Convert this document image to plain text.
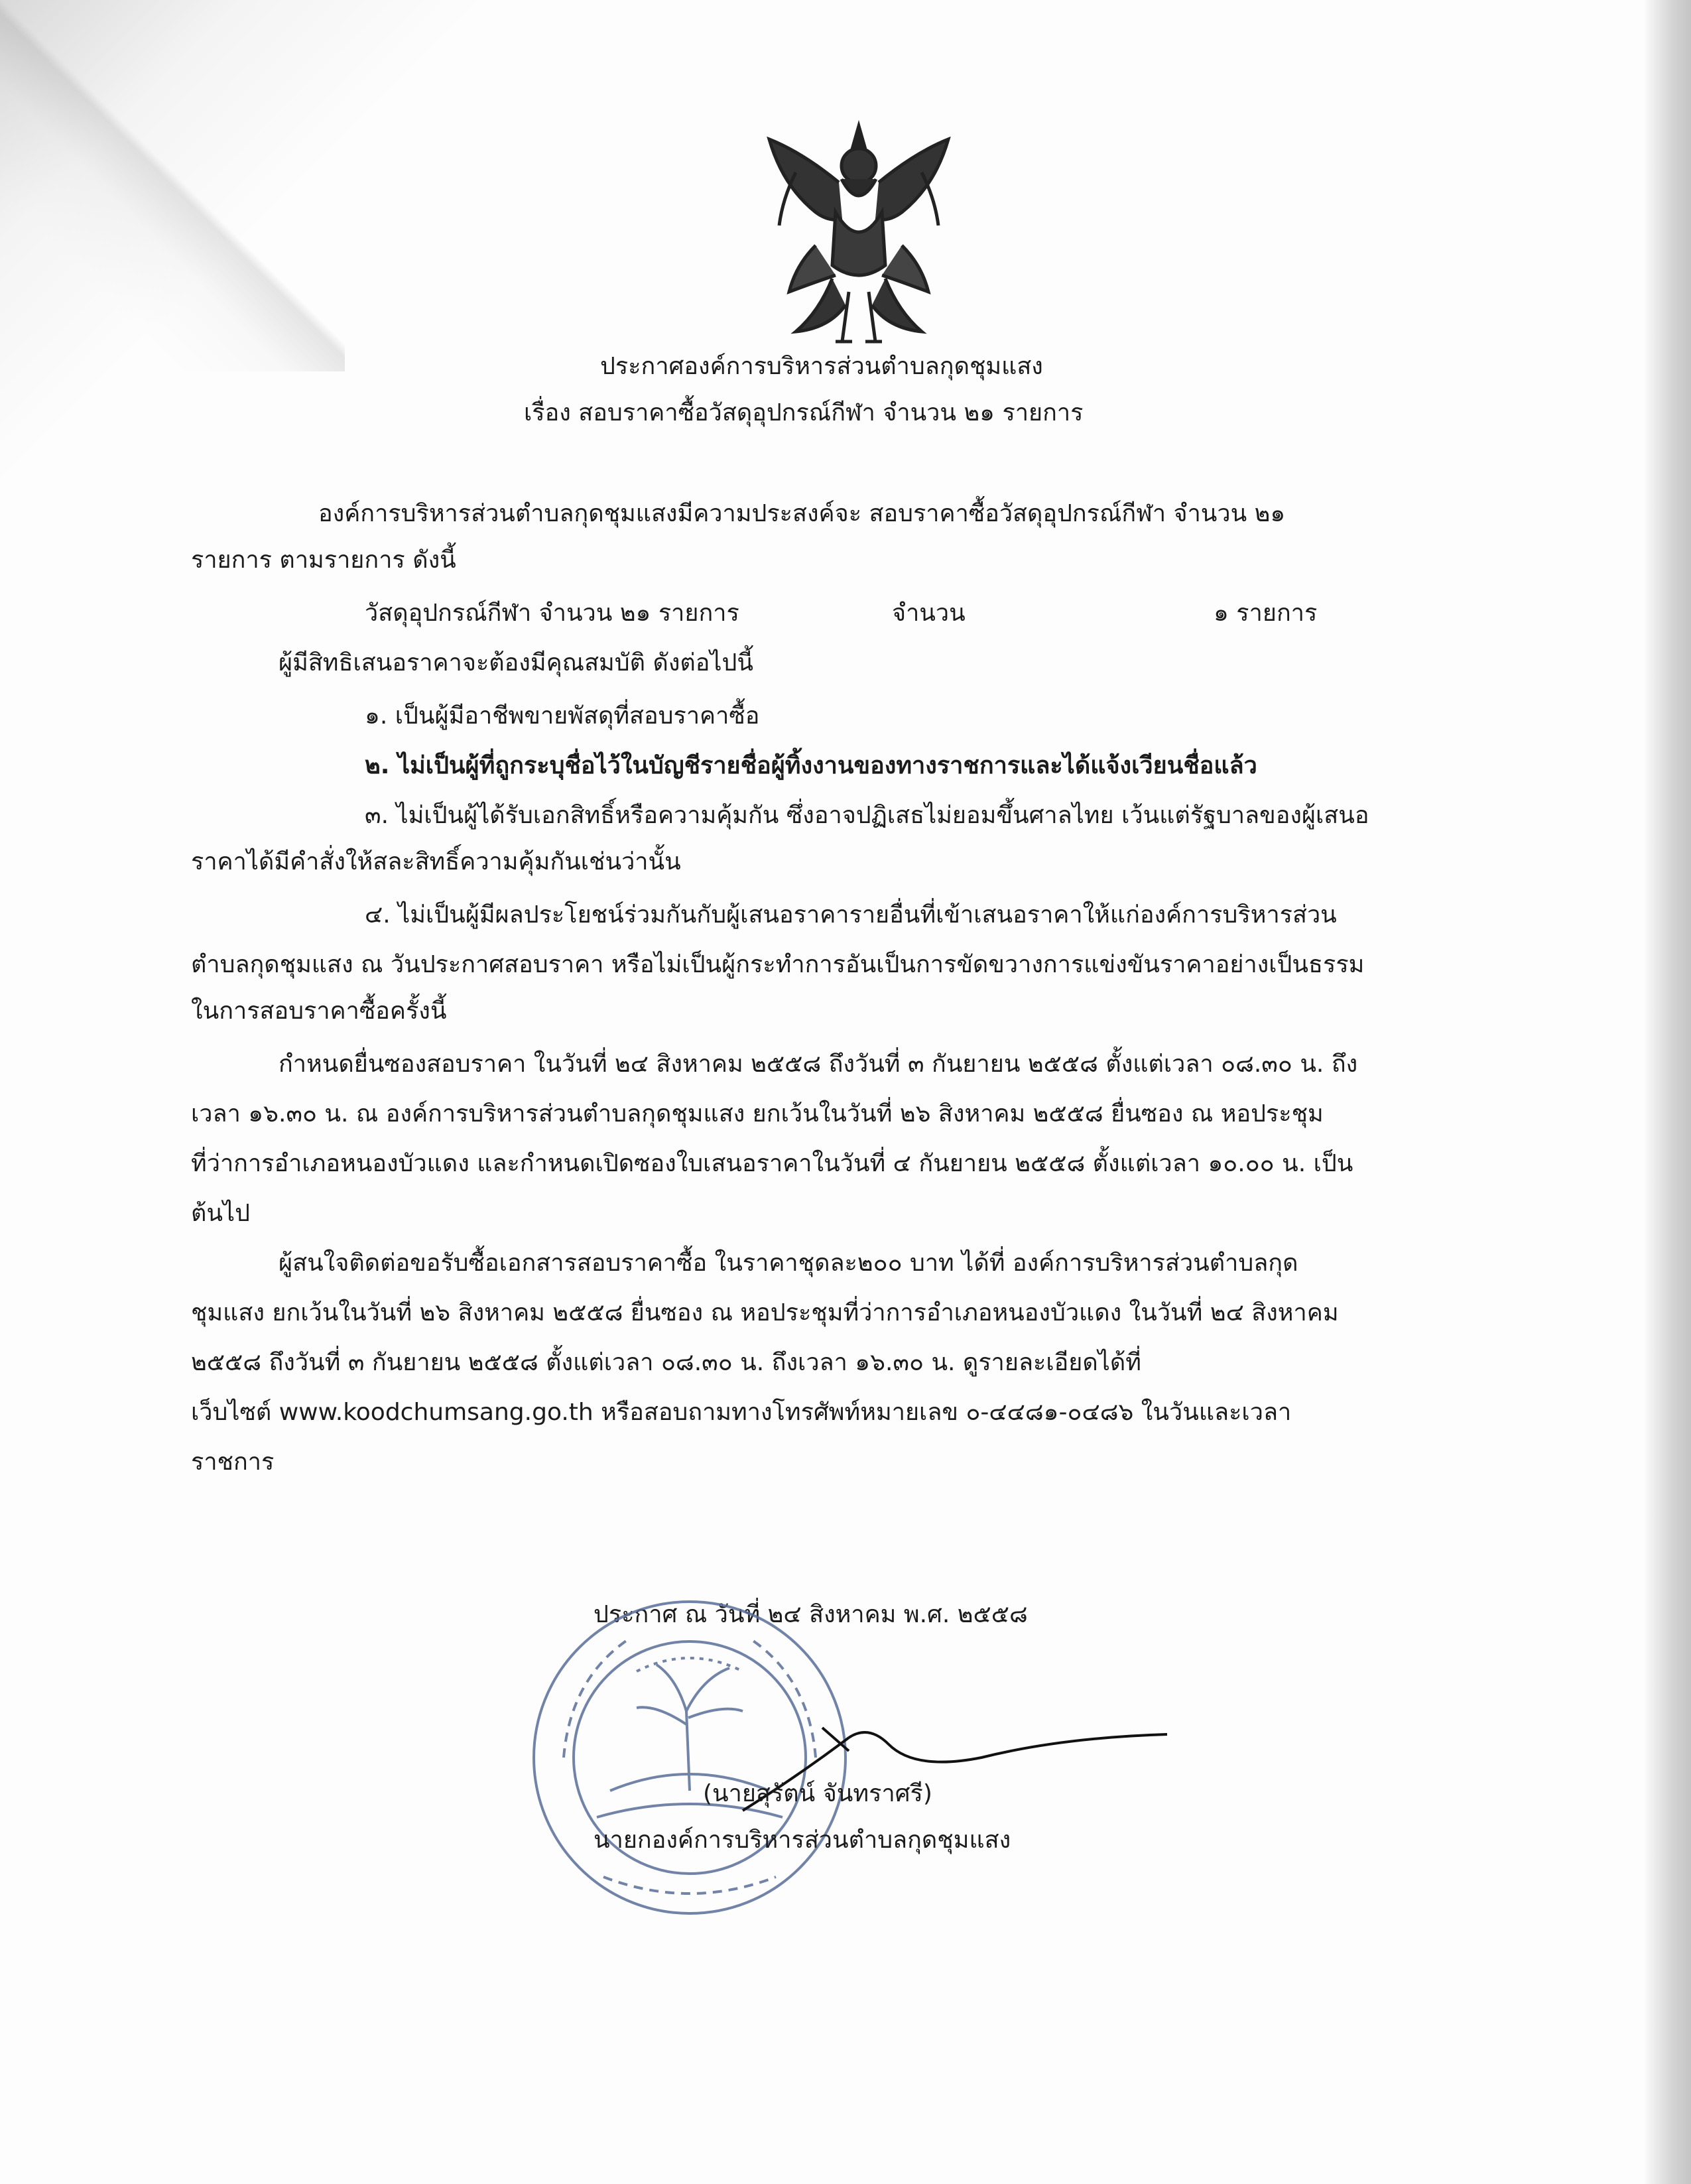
ประกาศองค์การบริหารส่วนตำบลกุดชุมแสง
เรื่อง สอบราคาซื้อวัสดุอุปกรณ์กีฬา จำนวน ๒๑ รายการ
องค์การบริหารส่วนตำบลกุดชุมแสงมีความประสงค์จะ สอบราคาซื้อวัสดุอุปกรณ์กีฬา จำนวน ๒๑
รายการ ตามรายการ ดังนี้
วัสดุอุปกรณ์กีฬา จำนวน ๒๑ รายการ	จำนวน	๑ รายการ
ผู้มีสิทธิเสนอราคาจะต้องมีคุณสมบัติ ดังต่อไปนี้
๑. เป็นผู้มีอาชีพขายพัสดุที่สอบราคาซื้อ
๒. ไม่เป็นผู้ที่ถูกระบุชื่อไว้ในบัญชีรายชื่อผู้ทิ้งงานของทางราชการและได้แจ้งเวียนชื่อแล้ว
๓. ไม่เป็นผู้ได้รับเอกสิทธิ์หรือความคุ้มกัน ซึ่งอาจปฏิเสธไม่ยอมขึ้นศาลไทย เว้นแต่รัฐบาลของผู้เสนอ
ราคาได้มีคำสั่งให้สละสิทธิ์ความคุ้มกันเช่นว่านั้น
๔. ไม่เป็นผู้มีผลประโยชน์ร่วมกันกับผู้เสนอราคารายอื่นที่เข้าเสนอราคาให้แก่องค์การบริหารส่วน
ตำบลกุดชุมแสง ณ วันประกาศสอบราคา หรือไม่เป็นผู้กระทำการอันเป็นการขัดขวางการแข่งขันราคาอย่างเป็นธรรม
ในการสอบราคาซื้อครั้งนี้
กำหนดยื่นซองสอบราคา ในวันที่ ๒๔ สิงหาคม ๒๕๕๘ ถึงวันที่ ๓ กันยายน ๒๕๕๘ ตั้งแต่เวลา ๐๘.๓๐ น. ถึง
เวลา ๑๖.๓๐ น. ณ องค์การบริหารส่วนตำบลกุดชุมแสง ยกเว้นในวันที่ ๒๖ สิงหาคม ๒๕๕๘ ยื่นซอง ณ หอประชุม
ที่ว่าการอำเภอหนองบัวแดง และกำหนดเปิดซองใบเสนอราคาในวันที่ ๔ กันยายน ๒๕๕๘ ตั้งแต่เวลา ๑๐.๐๐ น. เป็น
ต้นไป
ผู้สนใจติดต่อขอรับซื้อเอกสารสอบราคาซื้อ ในราคาชุดละ๒๐๐ บาท ได้ที่ องค์การบริหารส่วนตำบลกุด
ชุมแสง ยกเว้นในวันที่ ๒๖ สิงหาคม ๒๕๕๘ ยื่นซอง ณ หอประชุมที่ว่าการอำเภอหนองบัวแดง ในวันที่ ๒๔ สิงหาคม
๒๕๕๘ ถึงวันที่ ๓ กันยายน ๒๕๕๘ ตั้งแต่เวลา ๐๘.๓๐ น. ถึงเวลา ๑๖.๓๐ น. ดูรายละเอียดได้ที่
เว็บไซต์ www.koodchumsang.go.th หรือสอบถามทางโทรศัพท์หมายเลข ๐-๔๔๘๑-๐๔๘๖ ในวันและเวลา
ราชการ
ประกาศ ณ วันที่ ๒๔ สิงหาคม พ.ศ. ๒๕๕๘
(นายสุรัตน์ จันทราศรี)
นายกองค์การบริหารส่วนตำบลกุดชุมแสง
